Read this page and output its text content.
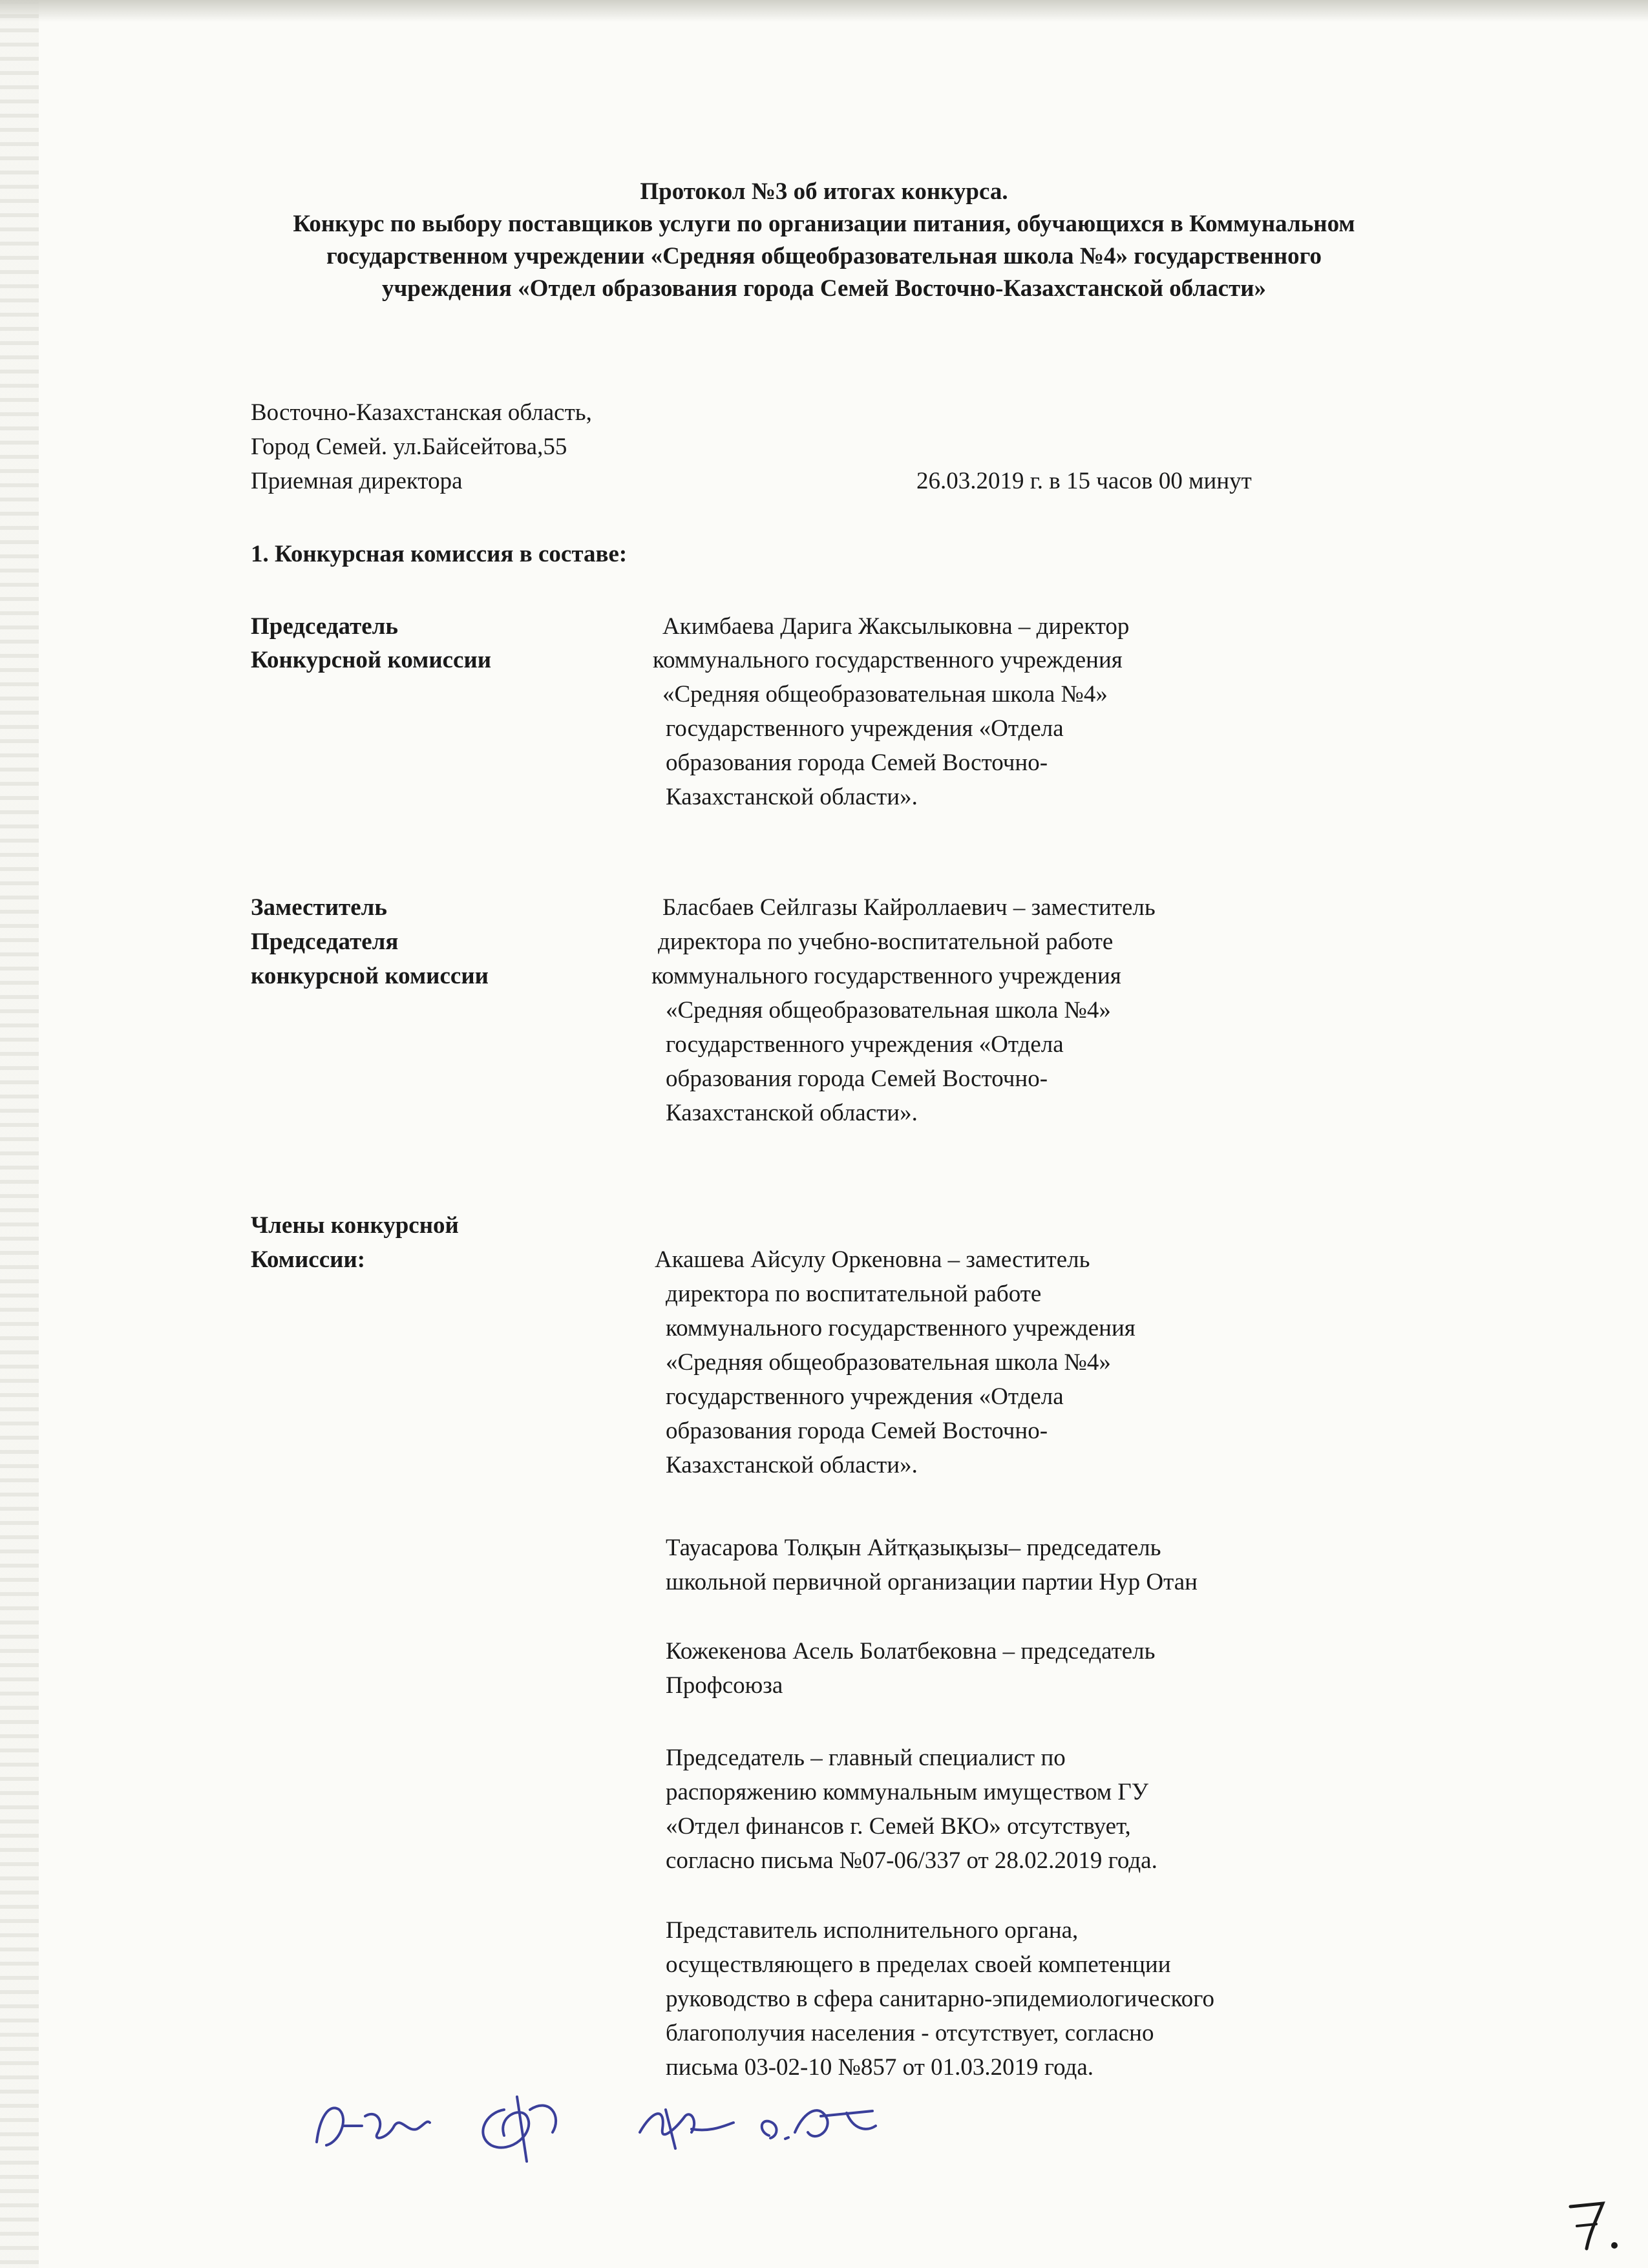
Протокол №3 об итогах конкурса.
Конкурс по выбору поставщиков услуги по организации питания, обучающихся в Коммунальном
государственном учреждении «Средняя общеобразовательная школа №4» государственного
учреждения «Отдел образования города Семей Восточно-Казахстанской области»
Восточно-Казахстанская область,
Город Семей. ул.Байсейтова,55
Приемная директора	26.03.2019 г. в 15 часов 00 минут
1. Конкурсная комиссия в составе:
Председатель
Конкурсной комиссии
Акимбаева Дарига Жаксылыковна – директор
коммунального государственного учреждения
«Средняя общеобразовательная школа №4»
государственного учреждения «Отдела
образования города Семей Восточно-
Казахстанской области».
Заместитель
Председателя
конкурсной комиссии
Бласбаев Сейлгазы Кайроллаевич – заместитель
директора по учебно-воспитательной работе
коммунального государственного учреждения
«Средняя общеобразовательная школа №4»
государственного учреждения «Отдела
образования города Семей Восточно-
Казахстанской области».
Члены конкурсной
Комиссии:	Акашева Айсулу Оркеновна – заместитель
директора по воспитательной работе
коммунального государственного учреждения
«Средняя общеобразовательная школа №4»
государственного учреждения «Отдела
образования города Семей Восточно-
Казахстанской области».
Тауасарова Толқын Айтқазықызы– председатель
школьной первичной организации партии Нур Отан
Кожекенова Асель Болатбековна – председатель
Профсоюза
Председатель – главный специалист по
распоряжению коммунальным имуществом ГУ
«Отдел финансов г. Семей ВКО» отсутствует,
согласно письма №07-06/337 от 28.02.2019 года.
Представитель исполнительного органа,
осуществляющего в пределах своей компетенции
руководство в сфера санитарно-эпидемиологического
благополучия населения - отсутствует, согласно
письма 03-02-10 №857 от 01.03.2019 года.
